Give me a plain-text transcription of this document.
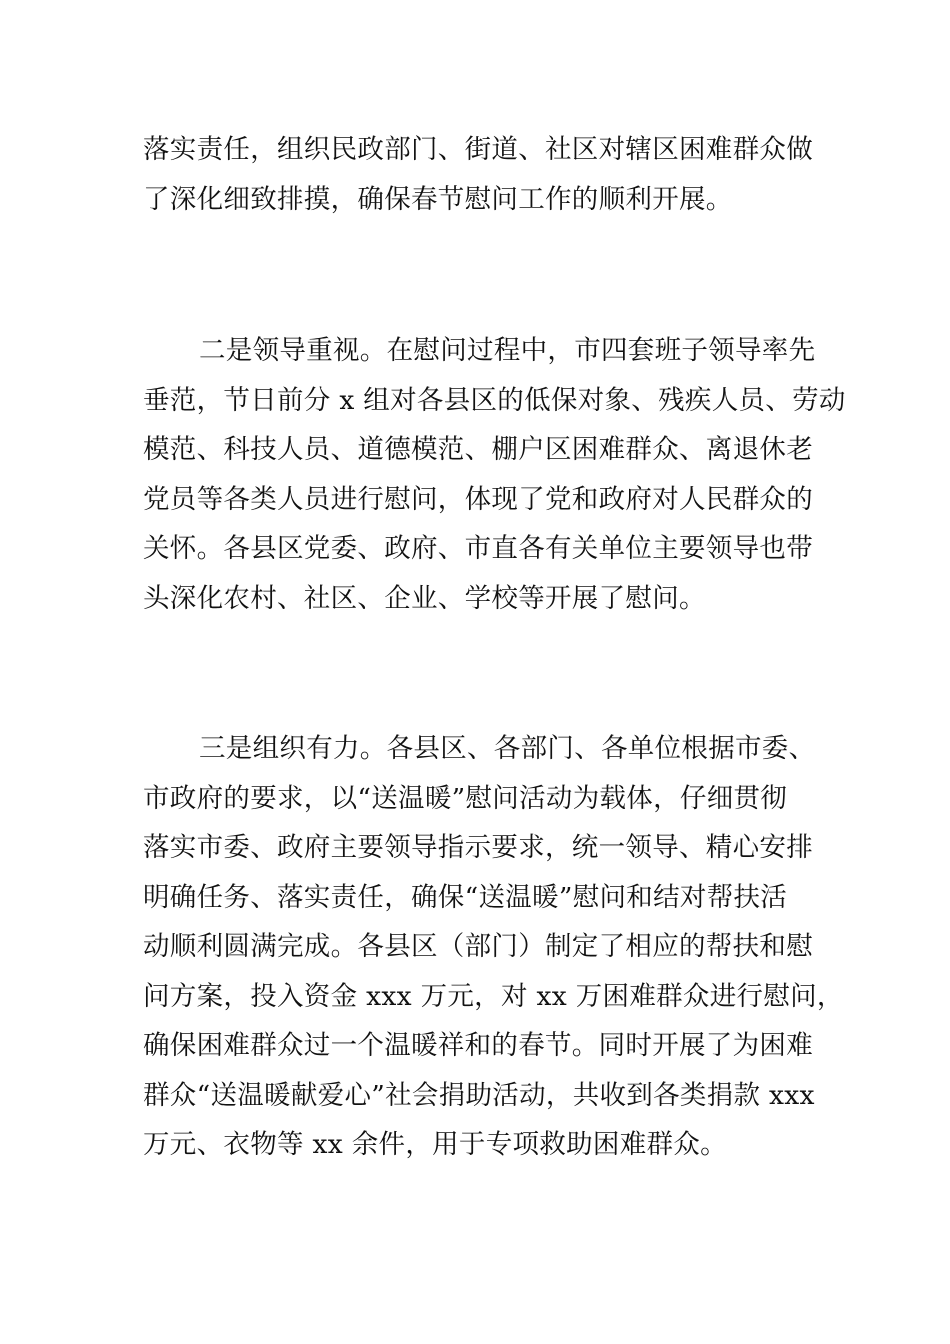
落实责任，组织民政部门、街道、社区对辖区困难群众做
了深化细致排摸，确保春节慰问工作的顺利开展。

二是领导重视。在慰问过程中，市四套班子领导率先
垂范，节日前分 x 组对各县区的低保对象、残疾人员、劳动
模范、科技人员、道德模范、棚户区困难群众、离退休老
党员等各类人员进行慰问，体现了党和政府对人民群众的
关怀。各县区党委、政府、市直各有关单位主要领导也带
头深化农村、社区、企业、学校等开展了慰问。

三是组织有力。各县区、各部门、各单位根据市委、
市政府的要求，以“送温暖”慰问活动为载体，仔细贯彻
落实市委、政府主要领导指示要求，统一领导、精心安排
明确任务、落实责任，确保“送温暖”慰问和结对帮扶活
动顺利圆满完成。各县区（部门）制定了相应的帮扶和慰
问方案，投入资金 xxx 万元，对 xx 万困难群众进行慰问，
确保困难群众过一个温暖祥和的春节。同时开展了为困难
群众“送温暖献爱心”社会捐助活动，共收到各类捐款 xxx
万元、衣物等 xx 余件，用于专项救助困难群众。
